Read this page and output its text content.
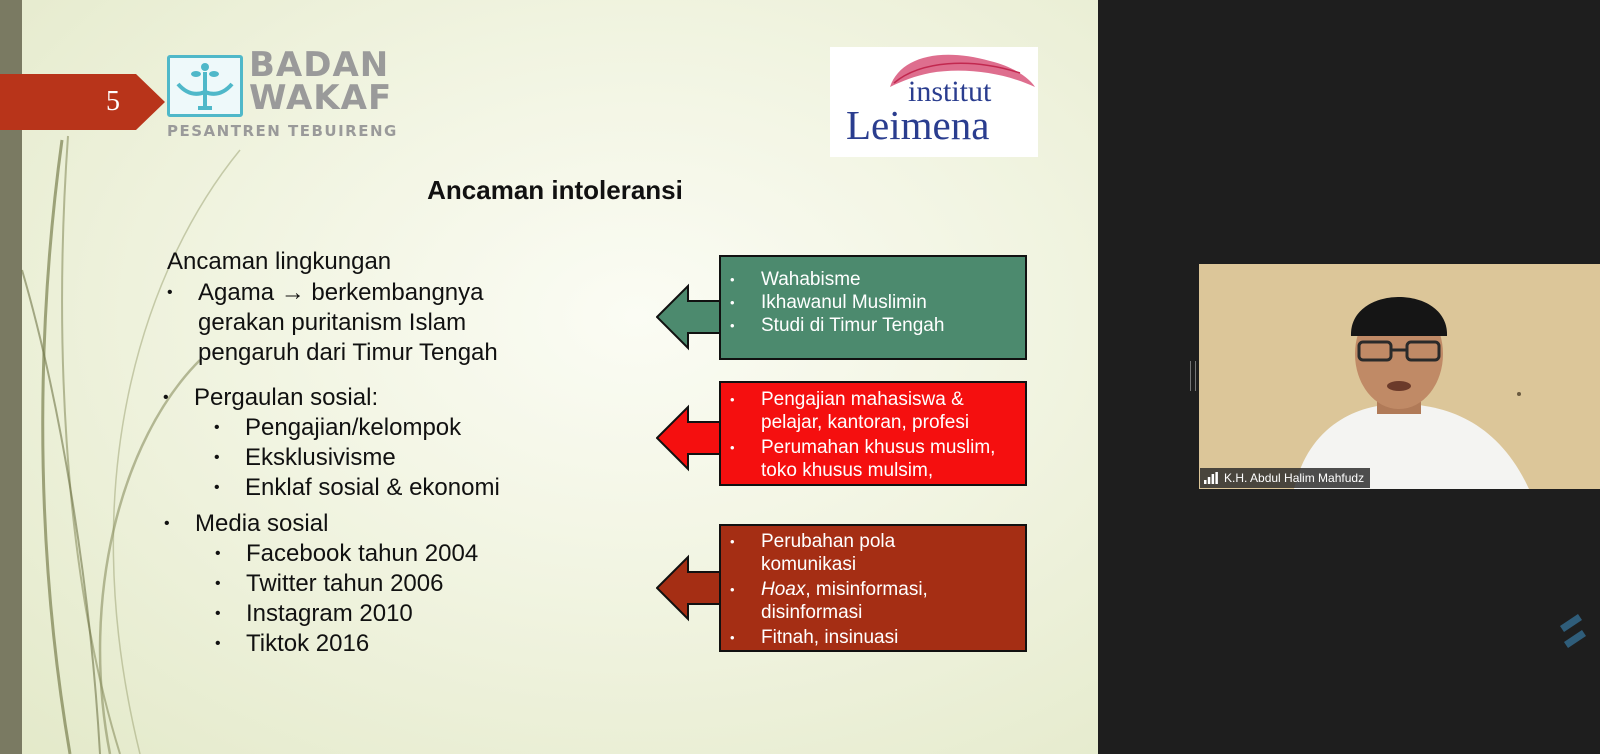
5
BADAN
WAKAF
PESANTREN TEBUIRENG
institut
Leimena
Ancaman intoleransi
Ancaman lingkungan
• Agama → berkembangnya
gerakan puritanism Islam
pengaruh dari Timur Tengah
• Pergaulan sosial:
• Pengajian/kelompok
• Eksklusivisme
• Enklaf sosial & ekonomi
• Media sosial
• Facebook tahun 2004
• Twitter tahun 2006
• Instagram 2010
• Tiktok 2016
• Wahabisme
• Ikhawanul Muslimin
• Studi di Timur Tengah
• Pengajian mahasiswa &
pelajar, kantoran, profesi
• Perumahan khusus muslim,
toko khusus mulsim,
• Perubahan pola
komunikasi
• Hoax, misinformasi,
disinformasi
• Fitnah, insinuasi
K.H. Abdul Halim Mahfudz
